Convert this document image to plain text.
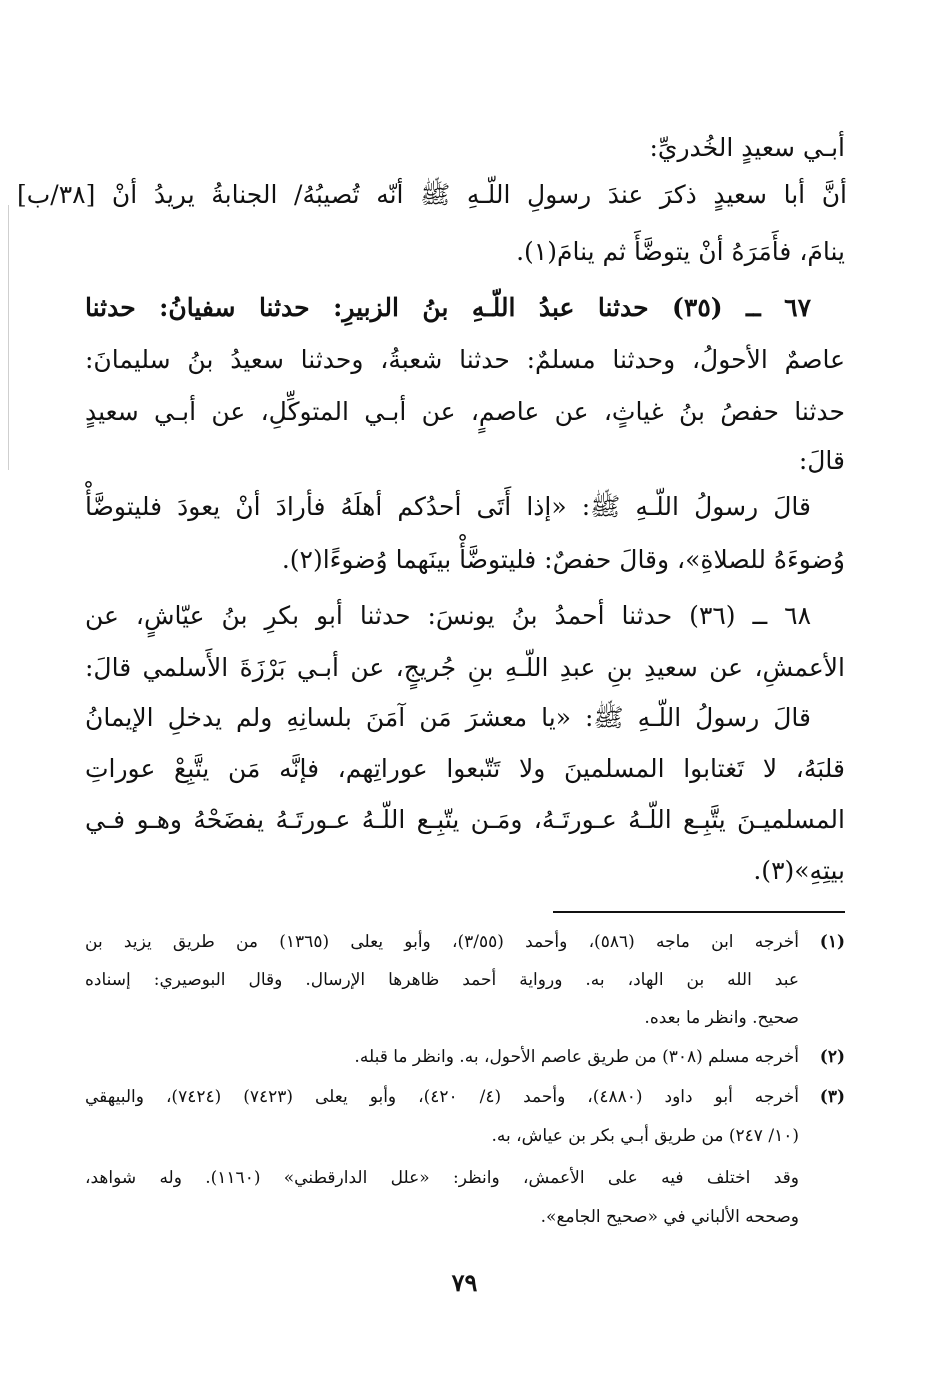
أبـي سعيدٍ الخُدريِّ:
أنَّ أبا سعيدٍ ذكرَ عندَ رسولِ اللّـهِ ﷺ أنّه تُصيبُهُ/ الجنابةُ يريدُ أنْ [٣٨/ب]
ينامَ، فأَمَرَهُ أنْ يتوضَّأَ ثم ينامَ(١).
٦٧ ــ (٣٥) حدثنا عبدُ اللّـهِ بنُ الزبيرِ: حدثنا سفيانُ: حدثنا
عاصمٌ الأحولُ، وحدثنا مسلمٌ: حدثنا شعبةُ، وحدثنا سعيدُ بنُ سليمانَ:
حدثنا حفصُ بنُ غياثٍ، عن عاصمٍ، عن أبـي المتوكِّلِ، عن أبـي سعيدٍ
قالَ:
قالَ رسولُ اللّـهِ ﷺ: «إذا أَتَى أحدُكم أهلَهُ فأرادَ أنْ يعودَ فليتوضَّأْ
وُضوءَهُ للصلاةِ»، وقالَ حفصٌ: فليتوضَّأْ بينَهما وُضوءًا(٢).
٦٨ ــ (٣٦) حدثنا أحمدُ بنُ يونسَ: حدثنا أبو بكرِ بنُ عيّاشٍ، عن
الأعمشِ، عن سعيدِ بنِ عبدِ اللّـهِ بنِ جُريجٍ، عن أبـي بَرْزَةَ الأَسلمي قالَ:
قالَ رسولُ اللّـهِ ﷺ: «يا معشرَ مَن آمَنَ بلسانِهِ ولم يدخلِ الإيمانُ
قلبَهُ، لا تَغتابوا المسلمينَ ولا تَتّبعوا عوراتِهم، فإنَّه مَن يتَّبِعْ عوراتِ
المسلميـنَ يتَّبِـع اللّـهُ عـورتَـهُ، ومَـن يتّبِـع اللّـهُ عـورتَـهُ يفضَحْهُ وهـو فـي
بيتِهِ»(٣).
(١)
(٢)
(٣)
أخرجه ابن ماجه (٥٨٦)، وأحمد (٣/٥٥)، وأبو يعلى (١٣٦٥) من طريق يزيد بن
عبد الله بن الهاد، به. ورواية أحمد ظاهرها الإرسال. وقال البوصيري: إسناده
صحيح. وانظر ما بعده.
أخرجه مسلم (٣٠٨) من طريق عاصم الأحول، به. وانظر ما قبله.
أخرجه أبو داود (٤٨٨٠)، وأحمد (٤/ ٤٢٠)، وأبو يعلى (٧٤٢٣) (٧٤٢٤)، والبيهقي
(١٠/ ٢٤٧) من طريق أبـي بكر بن عياش، به.
وقد اختلف فيه على الأعمش، وانظر: «علل الدارقطني» (١١٦٠). وله شواهد،
وصححه الألباني في «صحيح الجامع».
٧٩
